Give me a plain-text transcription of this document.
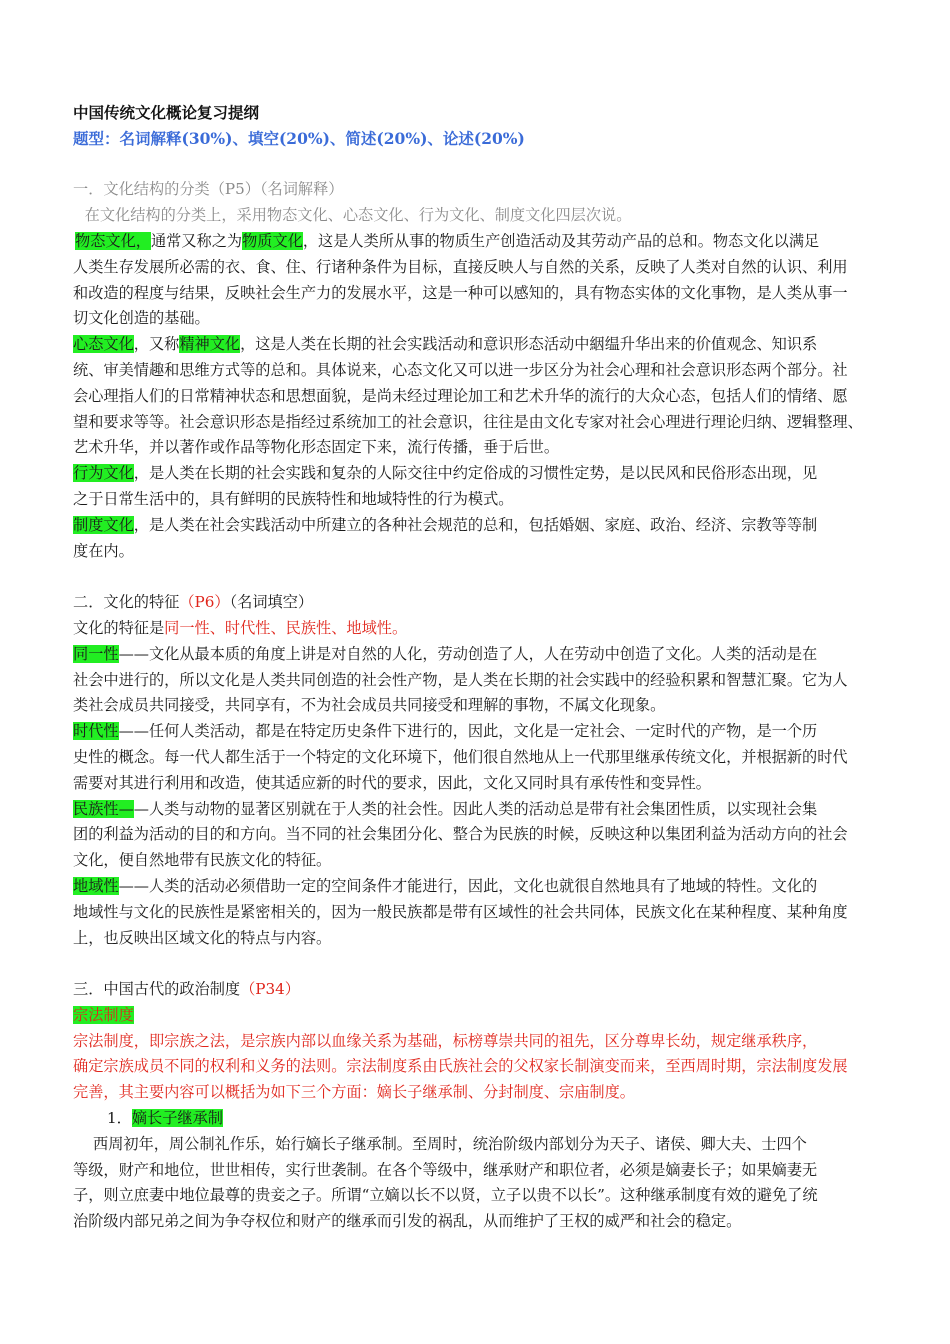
中国传统文化概论复习提纲
题型：名词解释(30%)、填空(20%)、简述(20%)、论述(20%)
一．文化结构的分类（P5）（名词解释）
在文化结构的分类上，采用物态文化、心态文化、行为文化、制度文化四层次说。
物态文化，通常又称之为物质文化，这是人类所从事的物质生产创造活动及其劳动产品的总和。物态文化以满足
人类生存发展所必需的衣、食、住、行诸种条件为目标，直接反映人与自然的关系，反映了人类对自然的认识、利用
和改造的程度与结果，反映社会生产力的发展水平，这是一种可以感知的，具有物态实体的文化事物，是人类从事一
切文化创造的基础。
心态文化，又称精神文化，这是人类在长期的社会实践活动和意识形态活动中絪缊升华出来的价值观念、知识系
统、审美情趣和思维方式等的总和。具体说来，心态文化又可以进一步区分为社会心理和社会意识形态两个部分。社
会心理指人们的日常精神状态和思想面貌，是尚未经过理论加工和艺术升华的流行的大众心态，包括人们的情绪、愿
望和要求等等。社会意识形态是指经过系统加工的社会意识，往往是由文化专家对社会心理进行理论归纳、逻辑整理、
艺术升华，并以著作或作品等物化形态固定下来，流行传播，垂于后世。
行为文化，是人类在长期的社会实践和复杂的人际交往中约定俗成的习惯性定势，是以民风和民俗形态出现，见
之于日常生活中的，具有鲜明的民族特性和地域特性的行为模式。
制度文化，是人类在社会实践活动中所建立的各种社会规范的总和，包括婚姻、家庭、政治、经济、宗教等等制
度在内。
二．文化的特征（P6）（名词填空）
文化的特征是同一性、时代性、民族性、地域性。
同一性——文化从最本质的角度上讲是对自然的人化，劳动创造了人，人在劳动中创造了文化。人类的活动是在
社会中进行的，所以文化是人类共同创造的社会性产物，是人类在长期的社会实践中的经验积累和智慧汇聚。它为人
类社会成员共同接受，共同享有，不为社会成员共同接受和理解的事物，不属文化现象。
时代性——任何人类活动，都是在特定历史条件下进行的，因此，文化是一定社会、一定时代的产物，是一个历
史性的概念。每一代人都生活于一个特定的文化环境下，他们很自然地从上一代那里继承传统文化，并根据新的时代
需要对其进行利用和改造，使其适应新的时代的要求，因此，文化又同时具有承传性和变异性。
民族性——人类与动物的显著区别就在于人类的社会性。因此人类的活动总是带有社会集团性质，以实现社会集
团的利益为活动的目的和方向。当不同的社会集团分化、整合为民族的时候，反映这种以集团利益为活动方向的社会
文化，便自然地带有民族文化的特征。
地域性——人类的活动必须借助一定的空间条件才能进行，因此，文化也就很自然地具有了地域的特性。文化的
地域性与文化的民族性是紧密相关的，因为一般民族都是带有区域性的社会共同体，民族文化在某种程度、某种角度
上，也反映出区域文化的特点与内容。
三．中国古代的政治制度（P34）
宗法制度
宗法制度，即宗族之法，是宗族内部以血缘关系为基础，标榜尊崇共同的祖先，区分尊卑长幼，规定继承秩序，
确定宗族成员不同的权利和义务的法则。宗法制度系由氏族社会的父权家长制演变而来，至西周时期，宗法制度发展
完善，其主要内容可以概括为如下三个方面：嫡长子继承制、分封制度、宗庙制度。
1．嫡长子继承制
西周初年，周公制礼作乐，始行嫡长子继承制。至周时，统治阶级内部划分为天子、诸侯、卿大夫、士四个
等级，财产和地位，世世相传，实行世袭制。在各个等级中，继承财产和职位者，必须是嫡妻长子；如果嫡妻无
子，则立庶妻中地位最尊的贵妾之子。所谓“立嫡以长不以贤，立子以贵不以长”。这种继承制度有效的避免了统
治阶级内部兄弟之间为争夺权位和财产的继承而引发的祸乱，从而维护了王权的威严和社会的稳定。
